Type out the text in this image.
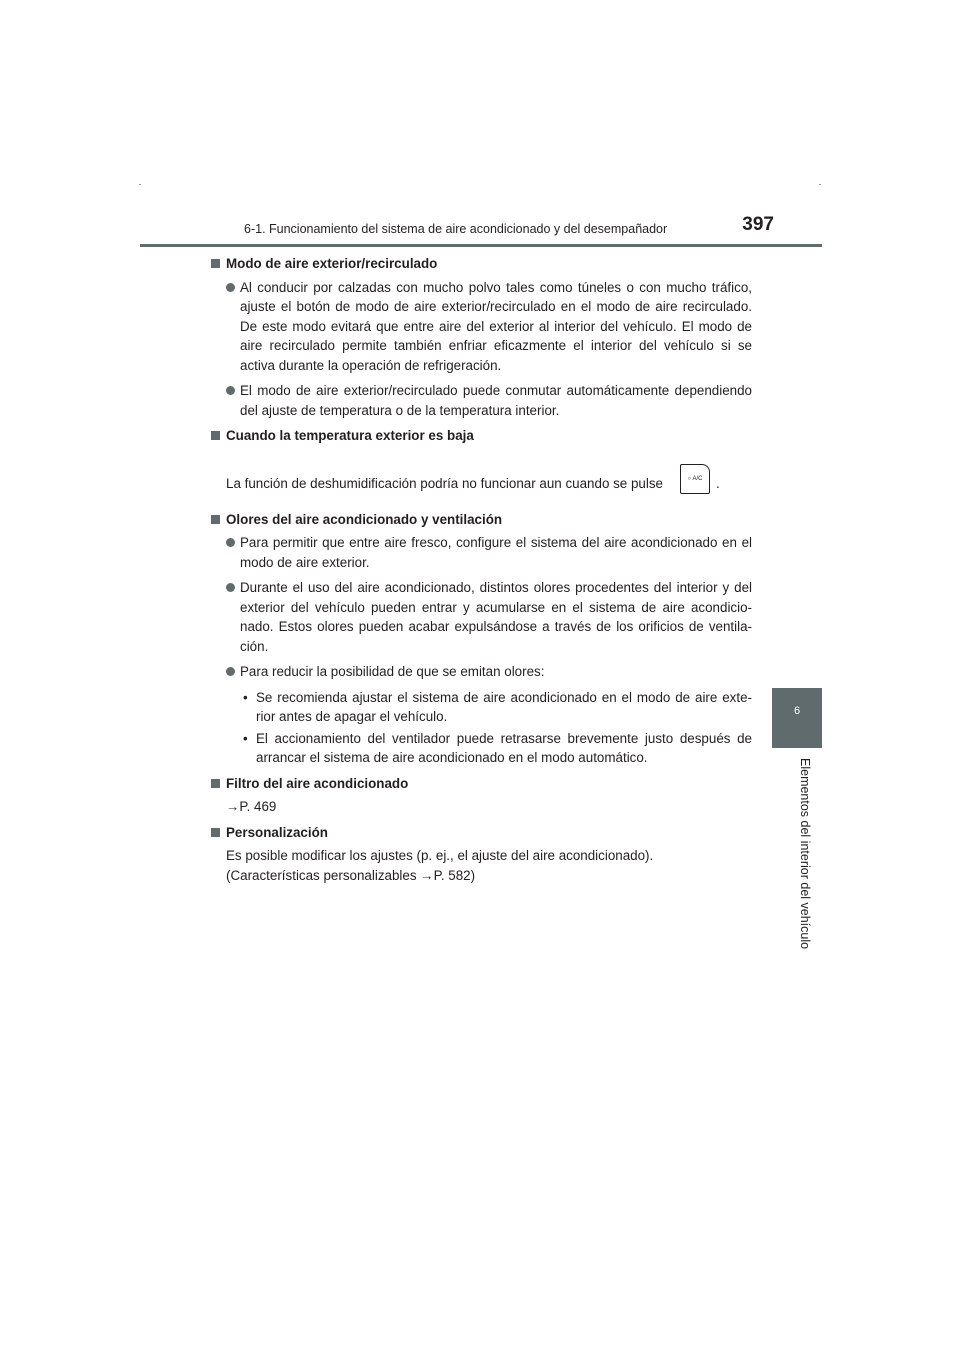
6-1. Funcionamiento del sistema de aire acondicionado y del desempañador	397
6
Elementos del interior del vehículo
Modo de aire exterior/recirculado
Al conducir por calzadas con mucho polvo tales como túneles o con mucho tráfico, ajuste el botón de modo de aire exterior/recirculado en el modo de aire recirculado. De este modo evitará que entre aire del exterior al interior del vehículo. El modo de aire recirculado permite también enfriar eficazmente el interior del vehículo si se activa durante la operación de refrigeración.
El modo de aire exterior/recirculado puede conmutar automáticamente dependiendo del ajuste de temperatura o de la temperatura interior.
Cuando la temperatura exterior es baja
La función de deshumidificación podría no funcionar aun cuando se pulse	○ A/C	.
Olores del aire acondicionado y ventilación
Para permitir que entre aire fresco, configure el sistema del aire acondicionado en el modo de aire exterior.
Durante el uso del aire acondicionado, distintos olores procedentes del interior y del exterior del vehículo pueden entrar y acumularse en el sistema de aire acondicio-nado. Estos olores pueden acabar expulsándose a través de los orificios de ventila-ción.
Para reducir la posibilidad de que se emitan olores:
• Se recomienda ajustar el sistema de aire acondicionado en el modo de aire exte-rior antes de apagar el vehículo.
• El accionamiento del ventilador puede retrasarse brevemente justo después de arrancar el sistema de aire acondicionado en el modo automático.
Filtro del aire acondicionado
→P. 469
Personalización
Es posible modificar los ajustes (p. ej., el ajuste del aire acondicionado).
(Características personalizables →P. 582)
